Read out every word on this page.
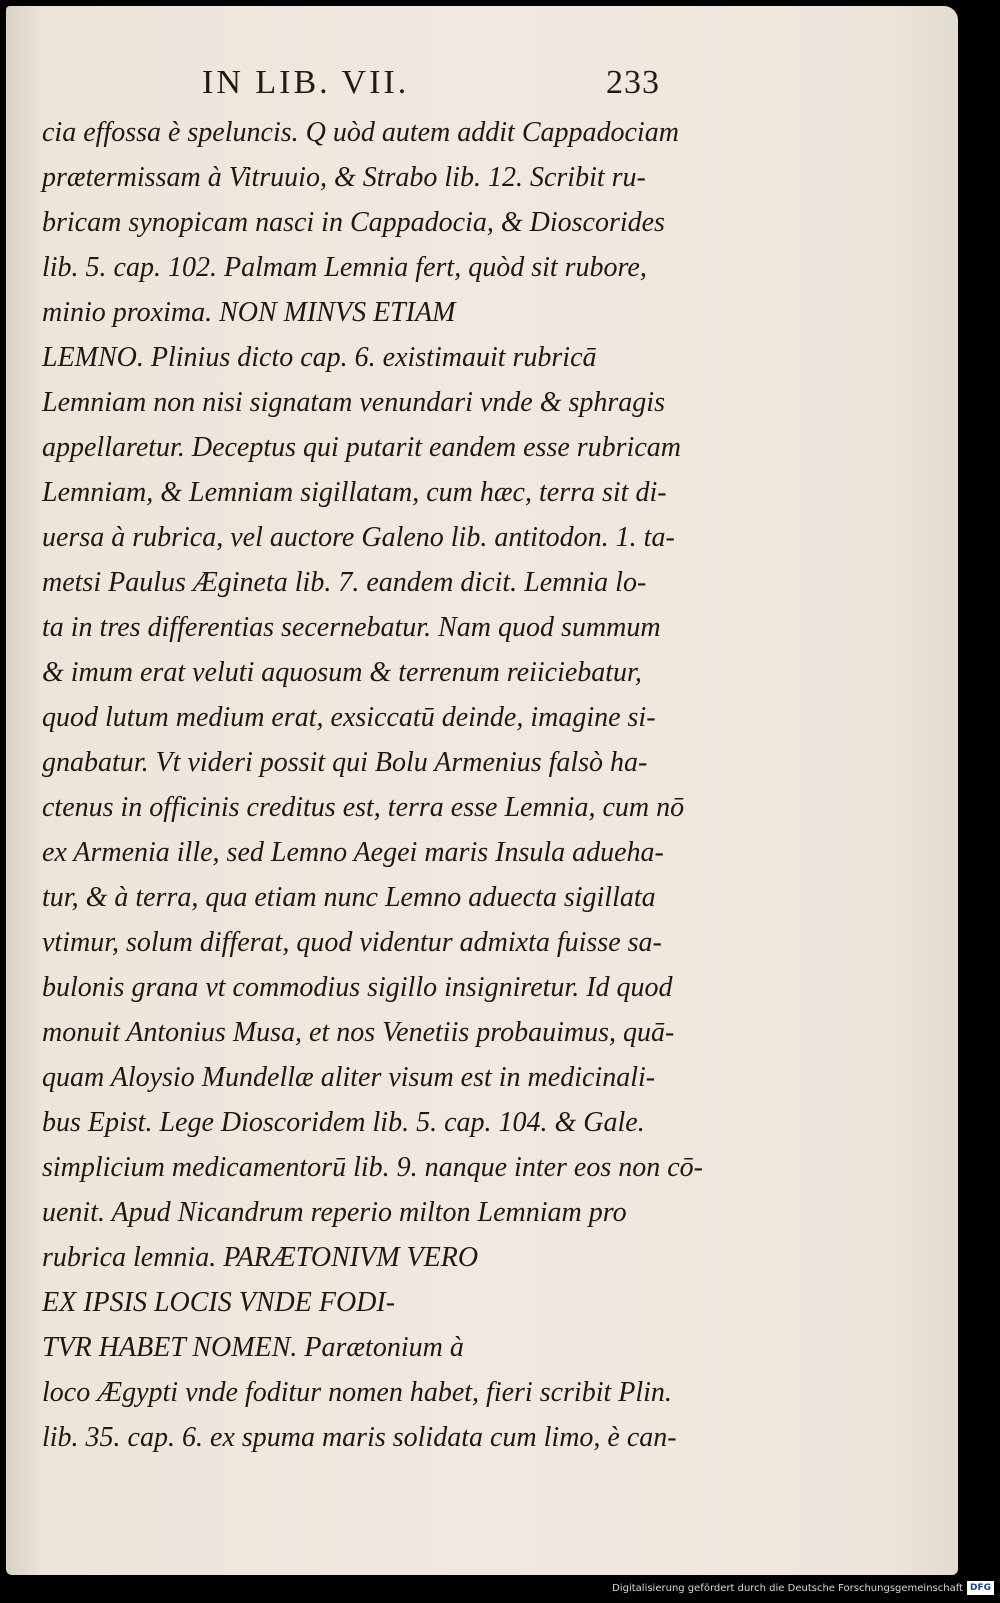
IN LIB. VII.	233
cia effossa è speluncis. Q uòd autem addit Cappadociam
prætermissam à Vitruuio, & Strabo lib. 12. Scribit ru-
bricam synopicam nasci in Cappadocia, & Dioscorides
lib. 5. cap. 102. Palmam Lemnia fert, quòd sit rubore,
minio proxima. NON MINVS ETIAM
LEMNO. Plinius dicto cap. 6. existimauit rubricā
Lemniam non nisi signatam venundari vnde & sphragis
appellaretur. Deceptus qui putarit eandem esse rubricam
Lemniam, & Lemniam sigillatam, cum hæc, terra sit di-
uersa à rubrica, vel auctore Galeno lib. antitodon. 1. ta-
metsi Paulus Ægineta lib. 7. eandem dicit. Lemnia lo-
ta in tres differentias secernebatur. Nam quod summum
& imum erat veluti aquosum & terrenum reiiciebatur,
quod lutum medium erat, exsiccatū deinde, imagine si-
gnabatur. Vt videri possit qui Bolu Armenius falsò ha-
ctenus in officinis creditus est, terra esse Lemnia, cum nō
ex Armenia ille, sed Lemno Aegei maris Insula adueha-
tur, & à terra, qua etiam nunc Lemno aduecta sigillata
vtimur, solum differat, quod videntur admixta fuisse sa-
bulonis grana vt commodius sigillo insigniretur. Id quod
monuit Antonius Musa, et nos Venetiis probauimus, quā-
quam Aloysio Mundellæ aliter visum est in medicinali-
bus Epist. Lege Dioscoridem lib. 5. cap. 104. & Gale.
simplicium medicamentorū lib. 9. nanque inter eos non cō-
uenit. Apud Nicandrum reperio milton Lemniam pro
rubrica lemnia. PARÆTONIVM VERO
EX IPSIS LOCIS VNDE FODI-
TVR HABET NOMEN. Parætonium à
loco Ægypti vnde foditur nomen habet, fieri scribit Plin.
lib. 35. cap. 6. ex spuma maris solidata cum limo, è can-
Digitalisierung gefördert durch die Deutsche Forschungsgemeinschaft DFG
